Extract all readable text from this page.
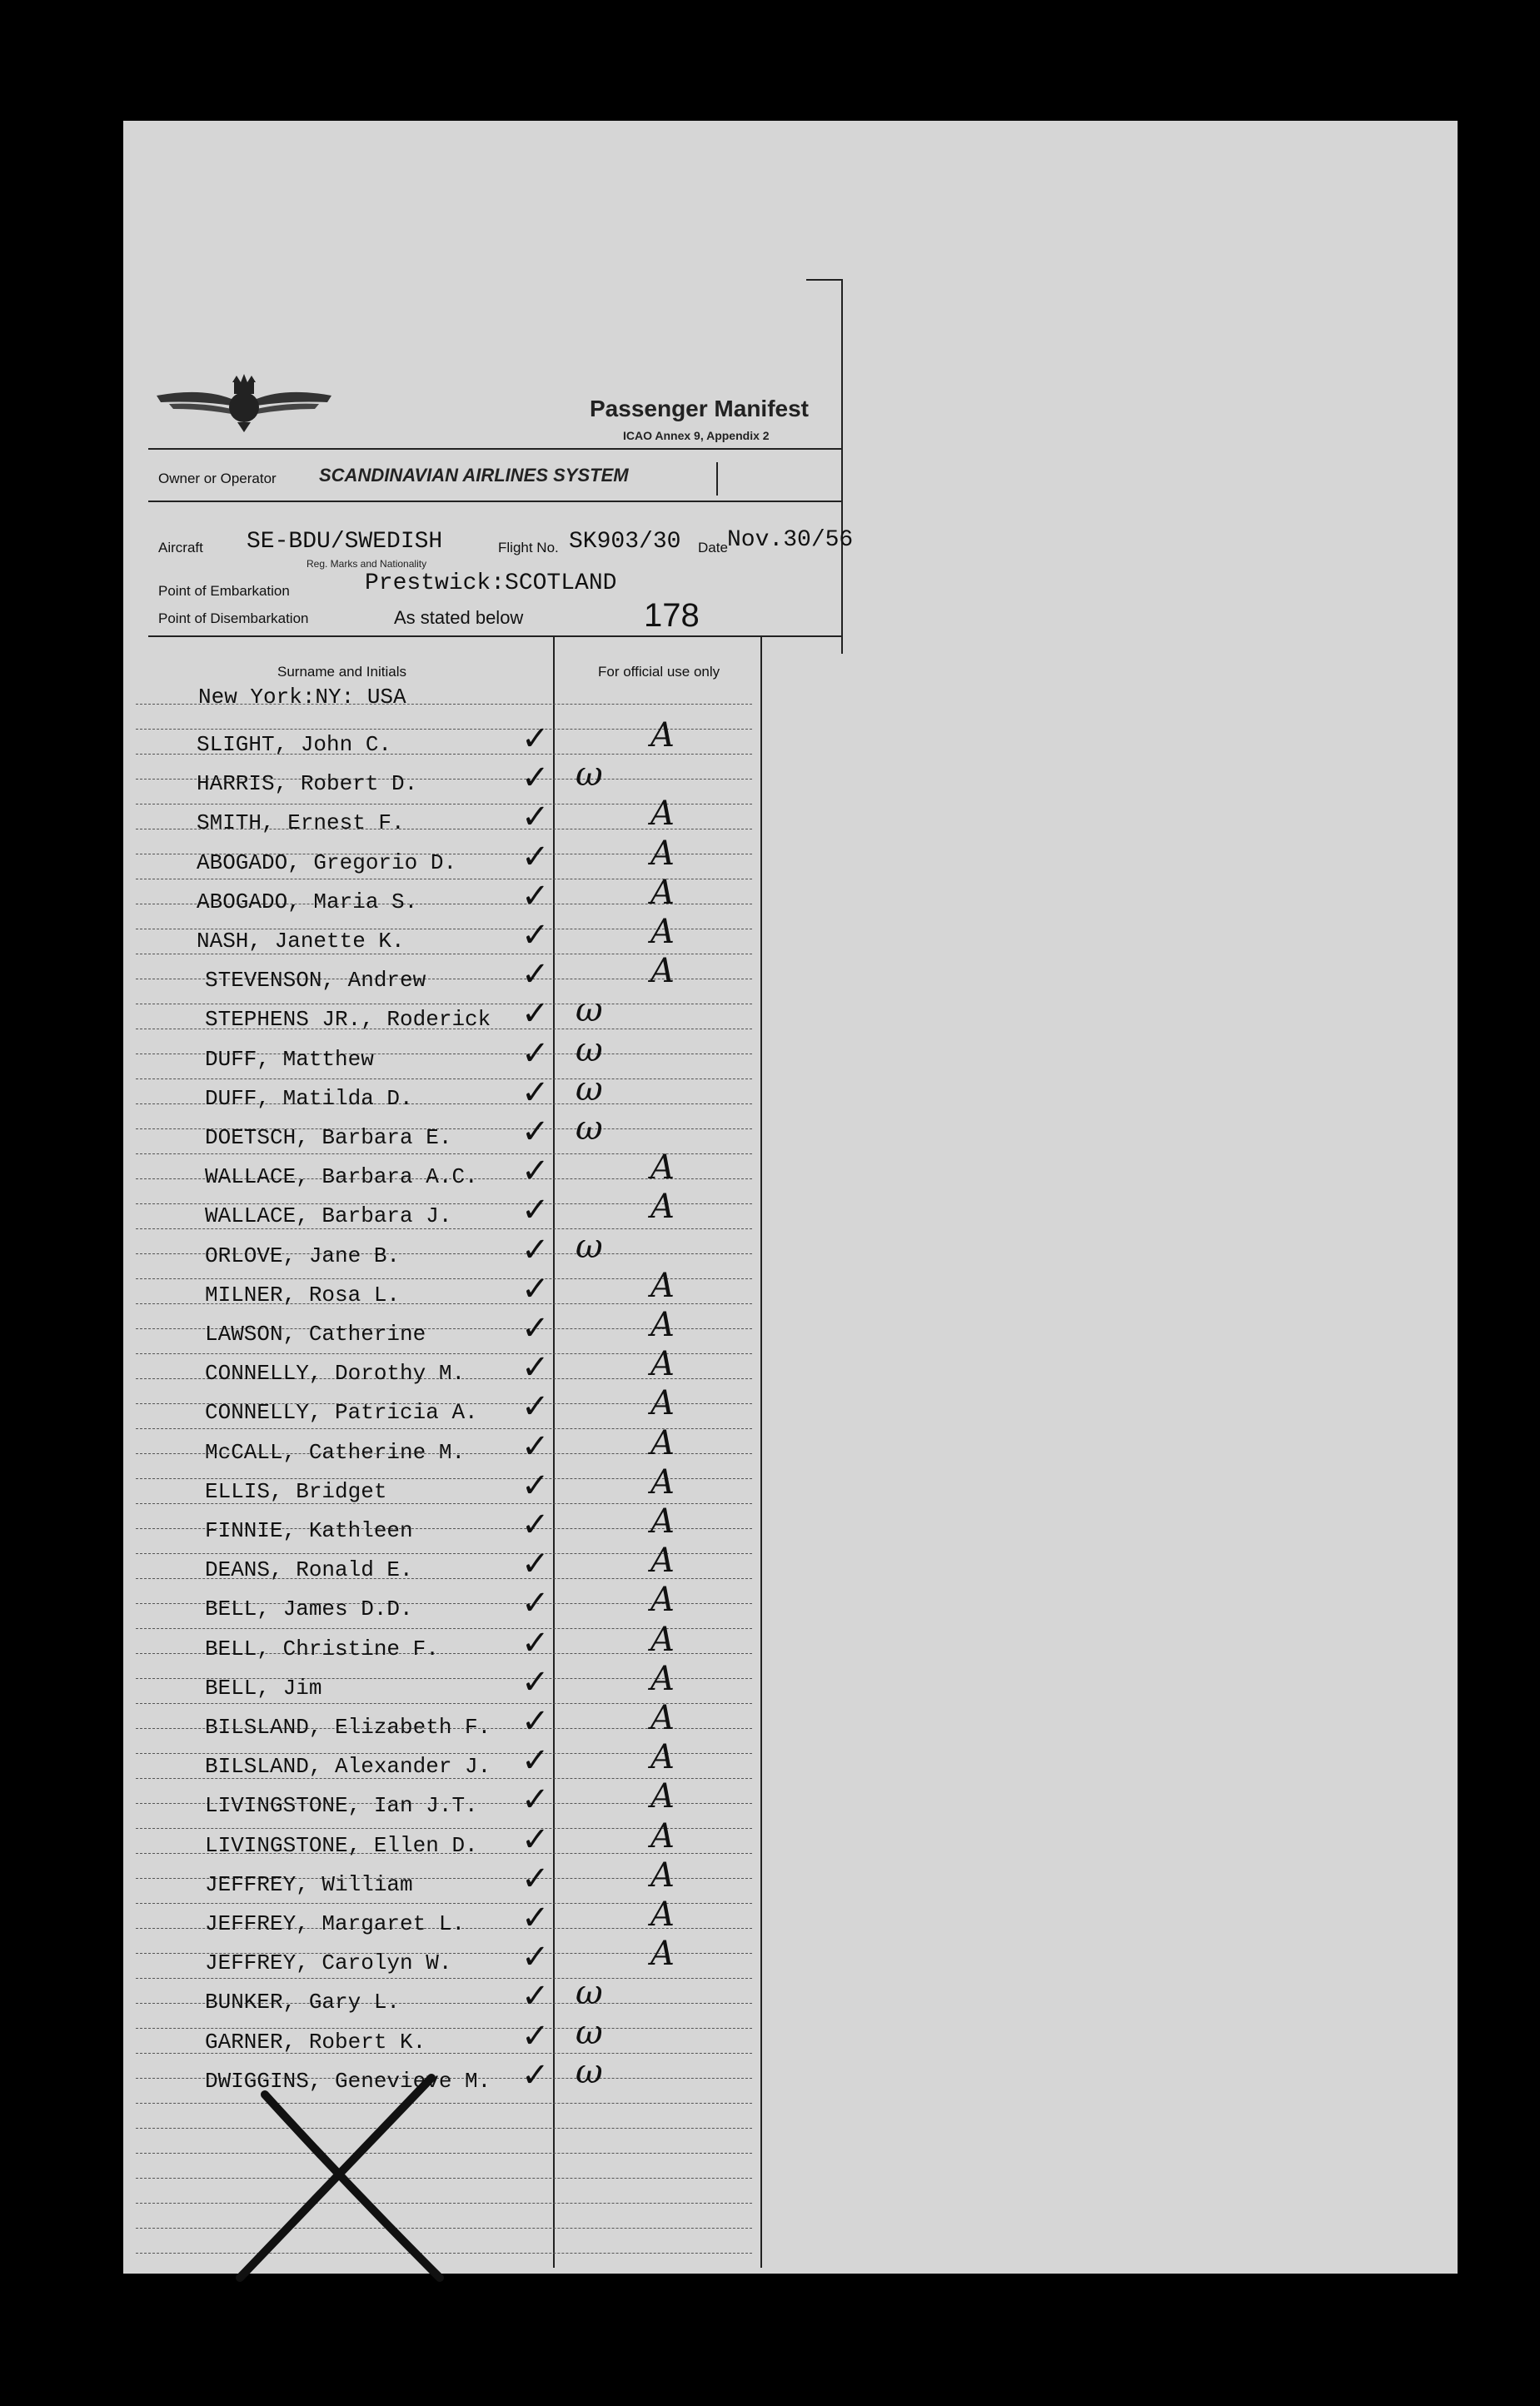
Passenger Manifest
ICAO Annex 9, Appendix 2
Owner or Operator SCANDINAVIAN AIRLINES SYSTEM
Aircraft SE-BDU/SWEDISH
Reg. Marks and Nationality
Flight No. SK903/30 Date Nov.30/56
Point of Embarkation	Prestwick:SCOTLAND
Point of Disembarkation	As stated below	178
Surname and Initials	For official use only
New York:NY: USA
SLIGHT, John C.	✓	A
HARRIS, Robert D.	✓ ω
SMITH, Ernest F.	✓	A
ABOGADO, Gregorio D. ✓	A
ABOGADO, Maria S.	✓	A
NASH, Janette K.	✓	A
STEVENSON, Andrew	✓	A
STEPHENS JR., Roderick ✓ ω
DUFF, Matthew	✓ ω
DUFF, Matilda D.	✓ ω
DOETSCH, Barbara E. ✓ ω
WALLACE, Barbara A.C. ✓	A
WALLACE, Barbara J. ✓	A
ORLOVE, Jane B.	✓ ω
MILNER, Rosa L.	✓	A
LAWSON, Catherine	✓	A
CONNELLY, Dorothy M. ✓	A
CONNELLY, Patricia A. ✓	A
McCALL, Catherine M. ✓	A
ELLIS, Bridget	✓	A
FINNIE, Kathleen	✓	A
DEANS, Ronald E.	✓	A
BELL, James D.D.	✓	A
BELL, Christine F. ✓	A
BELL, Jim	✓	A
BILSLAND, Elizabeth F. ✓	A
BILSLAND, Alexander J. ✓	A
LIVINGSTONE, Ian J.T. ✓	A
LIVINGSTONE, Ellen D. ✓	A
JEFFREY, William	✓	A
JEFFREY, Margaret L. ✓	A
JEFFREY, Carolyn W. ✓	A
BUNKER, Gary L.	✓ ω
GARNER, Robert K.	✓ ω
DWIGGINS, Genevieve M. ✓ ω
